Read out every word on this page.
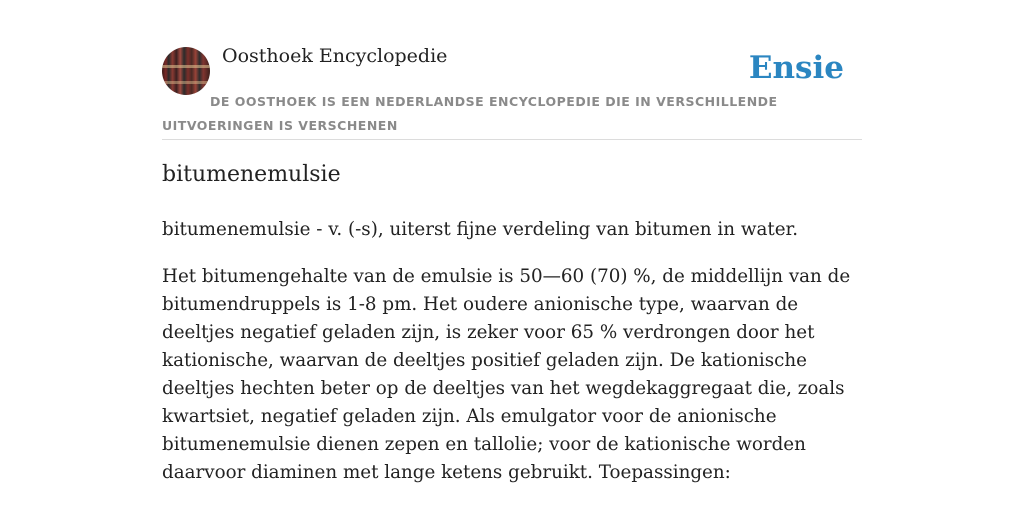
Oosthoek Encyclopedie	Ensie

DE OOSTHOEK IS EEN NEDERLANDSE ENCYCLOPEDIE DIE IN VERSCHILLENDE UITVOERINGEN IS VERSCHENEN

bitumenemulsie

bitumenemulsie - v. (-s), uiterst fijne verdeling van bitumen in water.

Het bitumengehalte van de emulsie is 50—60 (70) %, de middellijn van de bitumendruppels is 1-8 pm. Het oudere anionische type, waarvan de deeltjes negatief geladen zijn, is zeker voor 65 % verdrongen door het kationische, waarvan de deeltjes positief geladen zijn. De kationische deeltjes hechten beter op de deeltjes van het wegdekaggregaat die, zoals kwartsiet, negatief geladen zijn. Als emulgator voor de anionische bitumenemulsie dienen zepen en tallolie; voor de kationische worden daarvoor diaminen met lange ketens gebruikt. Toepassingen:
